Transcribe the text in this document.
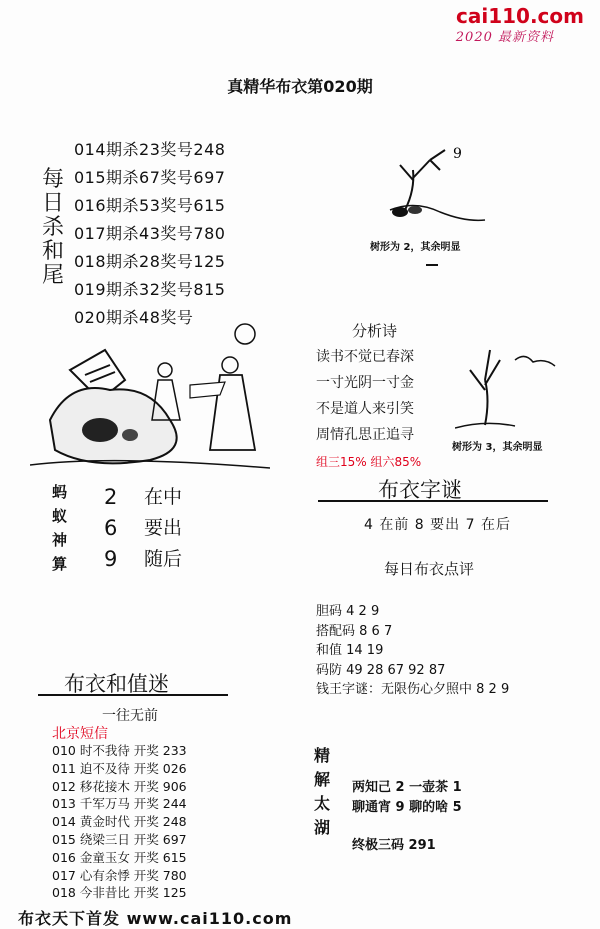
cai110.com
2020 最新资料
真精华布衣第020期
每日杀和尾
014期杀23奖号248
015期杀67奖号697
016期杀53奖号615
017期杀43奖号780
018期杀28奖号125
019期杀32奖号815
020期杀48奖号
9
树形为 2，其余明显
分析诗
读书不觉已春深
一寸光阴一寸金
不是道人来引笑
周情孔思正追寻
组三15% 组六85%
树形为 3，其余明显
蚂蚁神算
2
6
9
在中
要出
随后
布衣字谜
4 在前 8 要出 7 在后
每日布衣点评
胆码 4 2 9
搭配码 8 6 7
和值 14 19
码防 49 28 67 92 87
钱王字谜：无限伤心夕照中 8 2 9
布衣和值迷
一往无前
北京短信
010 时不我待 开奖 233
011 迫不及待 开奖 026
012 移花接木 开奖 906
013 千军万马 开奖 244
014 黄金时代 开奖 248
015 绕梁三日 开奖 697
016 金童玉女 开奖 615
017 心有余悸 开奖 780
018 今非昔比 开奖 125
精解太湖
两知己 2 一壶茶 1
聊通宵 9 聊的啥 5
终极三码 291
布衣天下首发 www.cai110.com
